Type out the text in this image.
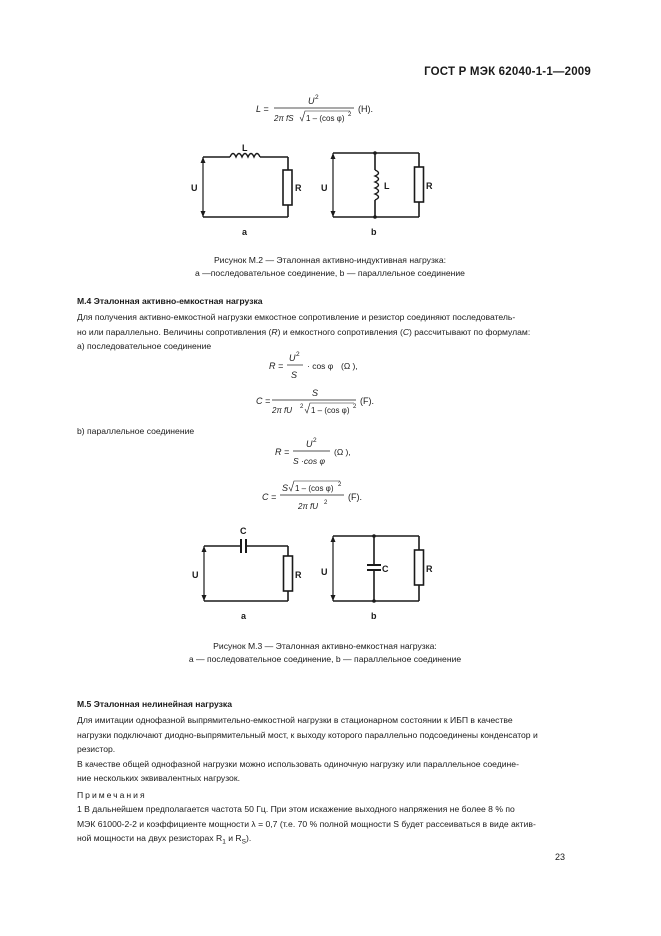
ГОСТ Р МЭК 62040-1-1—2009
L =
U 2
2π fS 1 – (cos φ) 2
(H).
U
L
R
a
U	L	R
b
Рисунок М.2 — Эталонная активно-индуктивная нагрузка:
a —последовательное соединение, b — параллельное соединение
М.4 Эталонная активно-емкостная нагрузка
Для получения активно-емкостной нагрузки емкостное сопротивление и резистор соединяют последователь-
но или параллельно. Величины сопротивления (R) и емкостного сопротивления (C) рассчитывают по формулам:
а) последовательное соединение
R =
U 2
S
· cos φ (Ω ),
C =
S
2π fU 2 1 – (cos φ) 2
(F).
b) параллельное соединение
R =
U 2
S ·cos φ
(Ω ),
C =
S 1 – (cos φ) 2
2π fU 2
(F).
U
C
R
a
U	C	R
b
Рисунок М.3 — Эталонная активно-емкостная нагрузка:
a — последовательное соединение, b — параллельное соединение
М.5 Эталонная нелинейная нагрузка
Для имитации однофазной выпрямительно-емкостной нагрузки в стационарном состоянии к ИБП в качестве
нагрузки подключают диодно-выпрямительный мост, к выходу которого параллельно подсоединены конденсатор и
резистор.
В качестве общей однофазной нагрузки можно использовать одиночную нагрузку или параллельное соедине-
ние нескольких эквивалентных нагрузок.
Примечания
1 В дальнейшем предполагается частота 50 Гц. При этом искажение выходного напряжения не более 8 % по
МЭК 61000-2-2 и коэффициенте мощности λ = 0,7 (т.е. 70 % полной мощности S будет рассеиваться в виде актив-
ной мощности на двух резисторах $R_1$ и $R_S$).
23
